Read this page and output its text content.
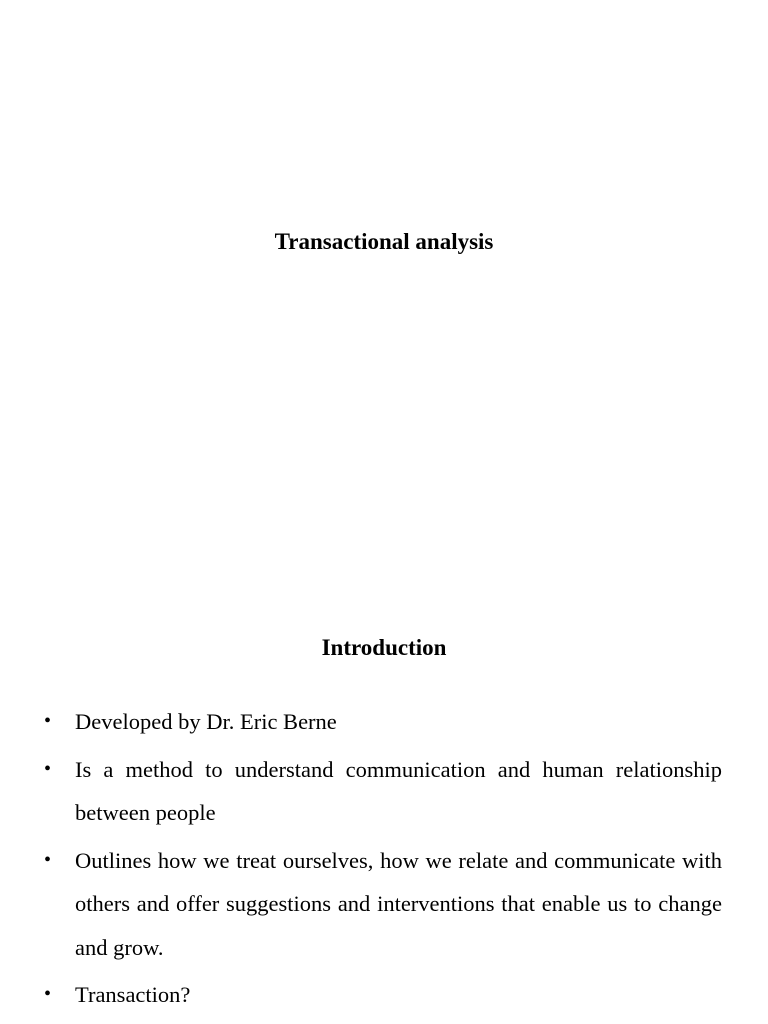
Transactional analysis
Introduction
• Developed by Dr. Eric Berne
• Is a method to understand communication and human relationship between people
• Outlines how we treat ourselves, how we relate and communicate with others and offer suggestions and interventions that enable us to change and grow.
• Transaction?
